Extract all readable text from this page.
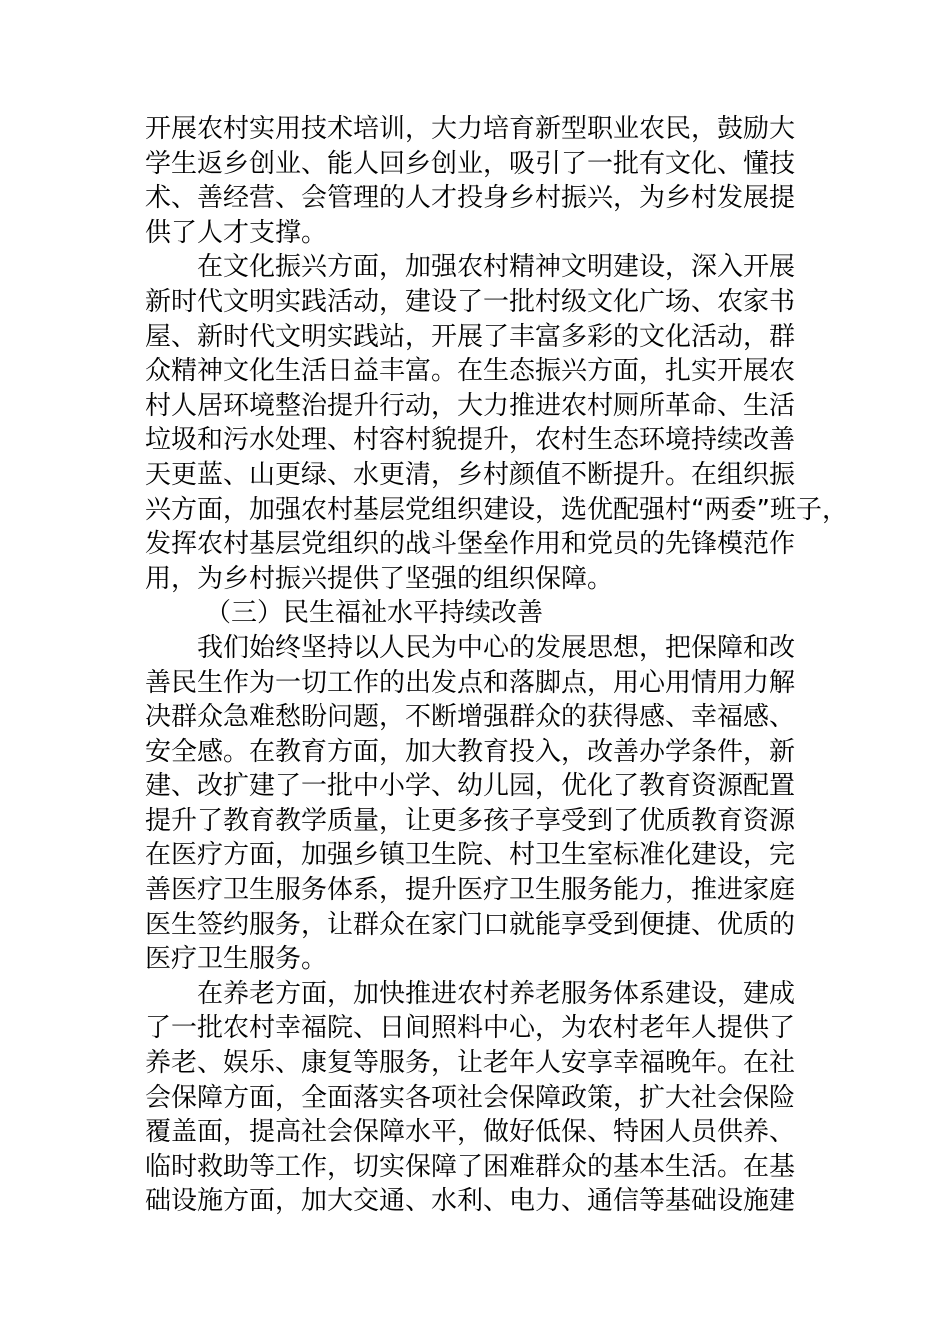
开展农村实用技术培训，大力培育新型职业农民，鼓励大
学生返乡创业、能人回乡创业，吸引了一批有文化、懂技
术、善经营、会管理的人才投身乡村振兴，为乡村发展提
供了人才支撑。
在文化振兴方面，加强农村精神文明建设，深入开展
新时代文明实践活动，建设了一批村级文化广场、农家书
屋、新时代文明实践站，开展了丰富多彩的文化活动，群
众精神文化生活日益丰富。在生态振兴方面，扎实开展农
村人居环境整治提升行动，大力推进农村厕所革命、生活
垃圾和污水处理、村容村貌提升，农村生态环境持续改善
天更蓝、山更绿、水更清，乡村颜值不断提升。在组织振
兴方面，加强农村基层党组织建设，选优配强村“两委”班子，
发挥农村基层党组织的战斗堡垒作用和党员的先锋模范作
用，为乡村振兴提供了坚强的组织保障。
（三）民生福祉水平持续改善
我们始终坚持以人民为中心的发展思想，把保障和改
善民生作为一切工作的出发点和落脚点，用心用情用力解
决群众急难愁盼问题，不断增强群众的获得感、幸福感、
安全感。在教育方面，加大教育投入，改善办学条件，新
建、改扩建了一批中小学、幼儿园，优化了教育资源配置
提升了教育教学质量，让更多孩子享受到了优质教育资源
在医疗方面，加强乡镇卫生院、村卫生室标准化建设，完
善医疗卫生服务体系，提升医疗卫生服务能力，推进家庭
医生签约服务，让群众在家门口就能享受到便捷、优质的
医疗卫生服务。
在养老方面，加快推进农村养老服务体系建设，建成
了一批农村幸福院、日间照料中心，为农村老年人提供了
养老、娱乐、康复等服务，让老年人安享幸福晚年。在社
会保障方面，全面落实各项社会保障政策，扩大社会保险
覆盖面，提高社会保障水平，做好低保、特困人员供养、
临时救助等工作，切实保障了困难群众的基本生活。在基
础设施方面，加大交通、水利、电力、通信等基础设施建
